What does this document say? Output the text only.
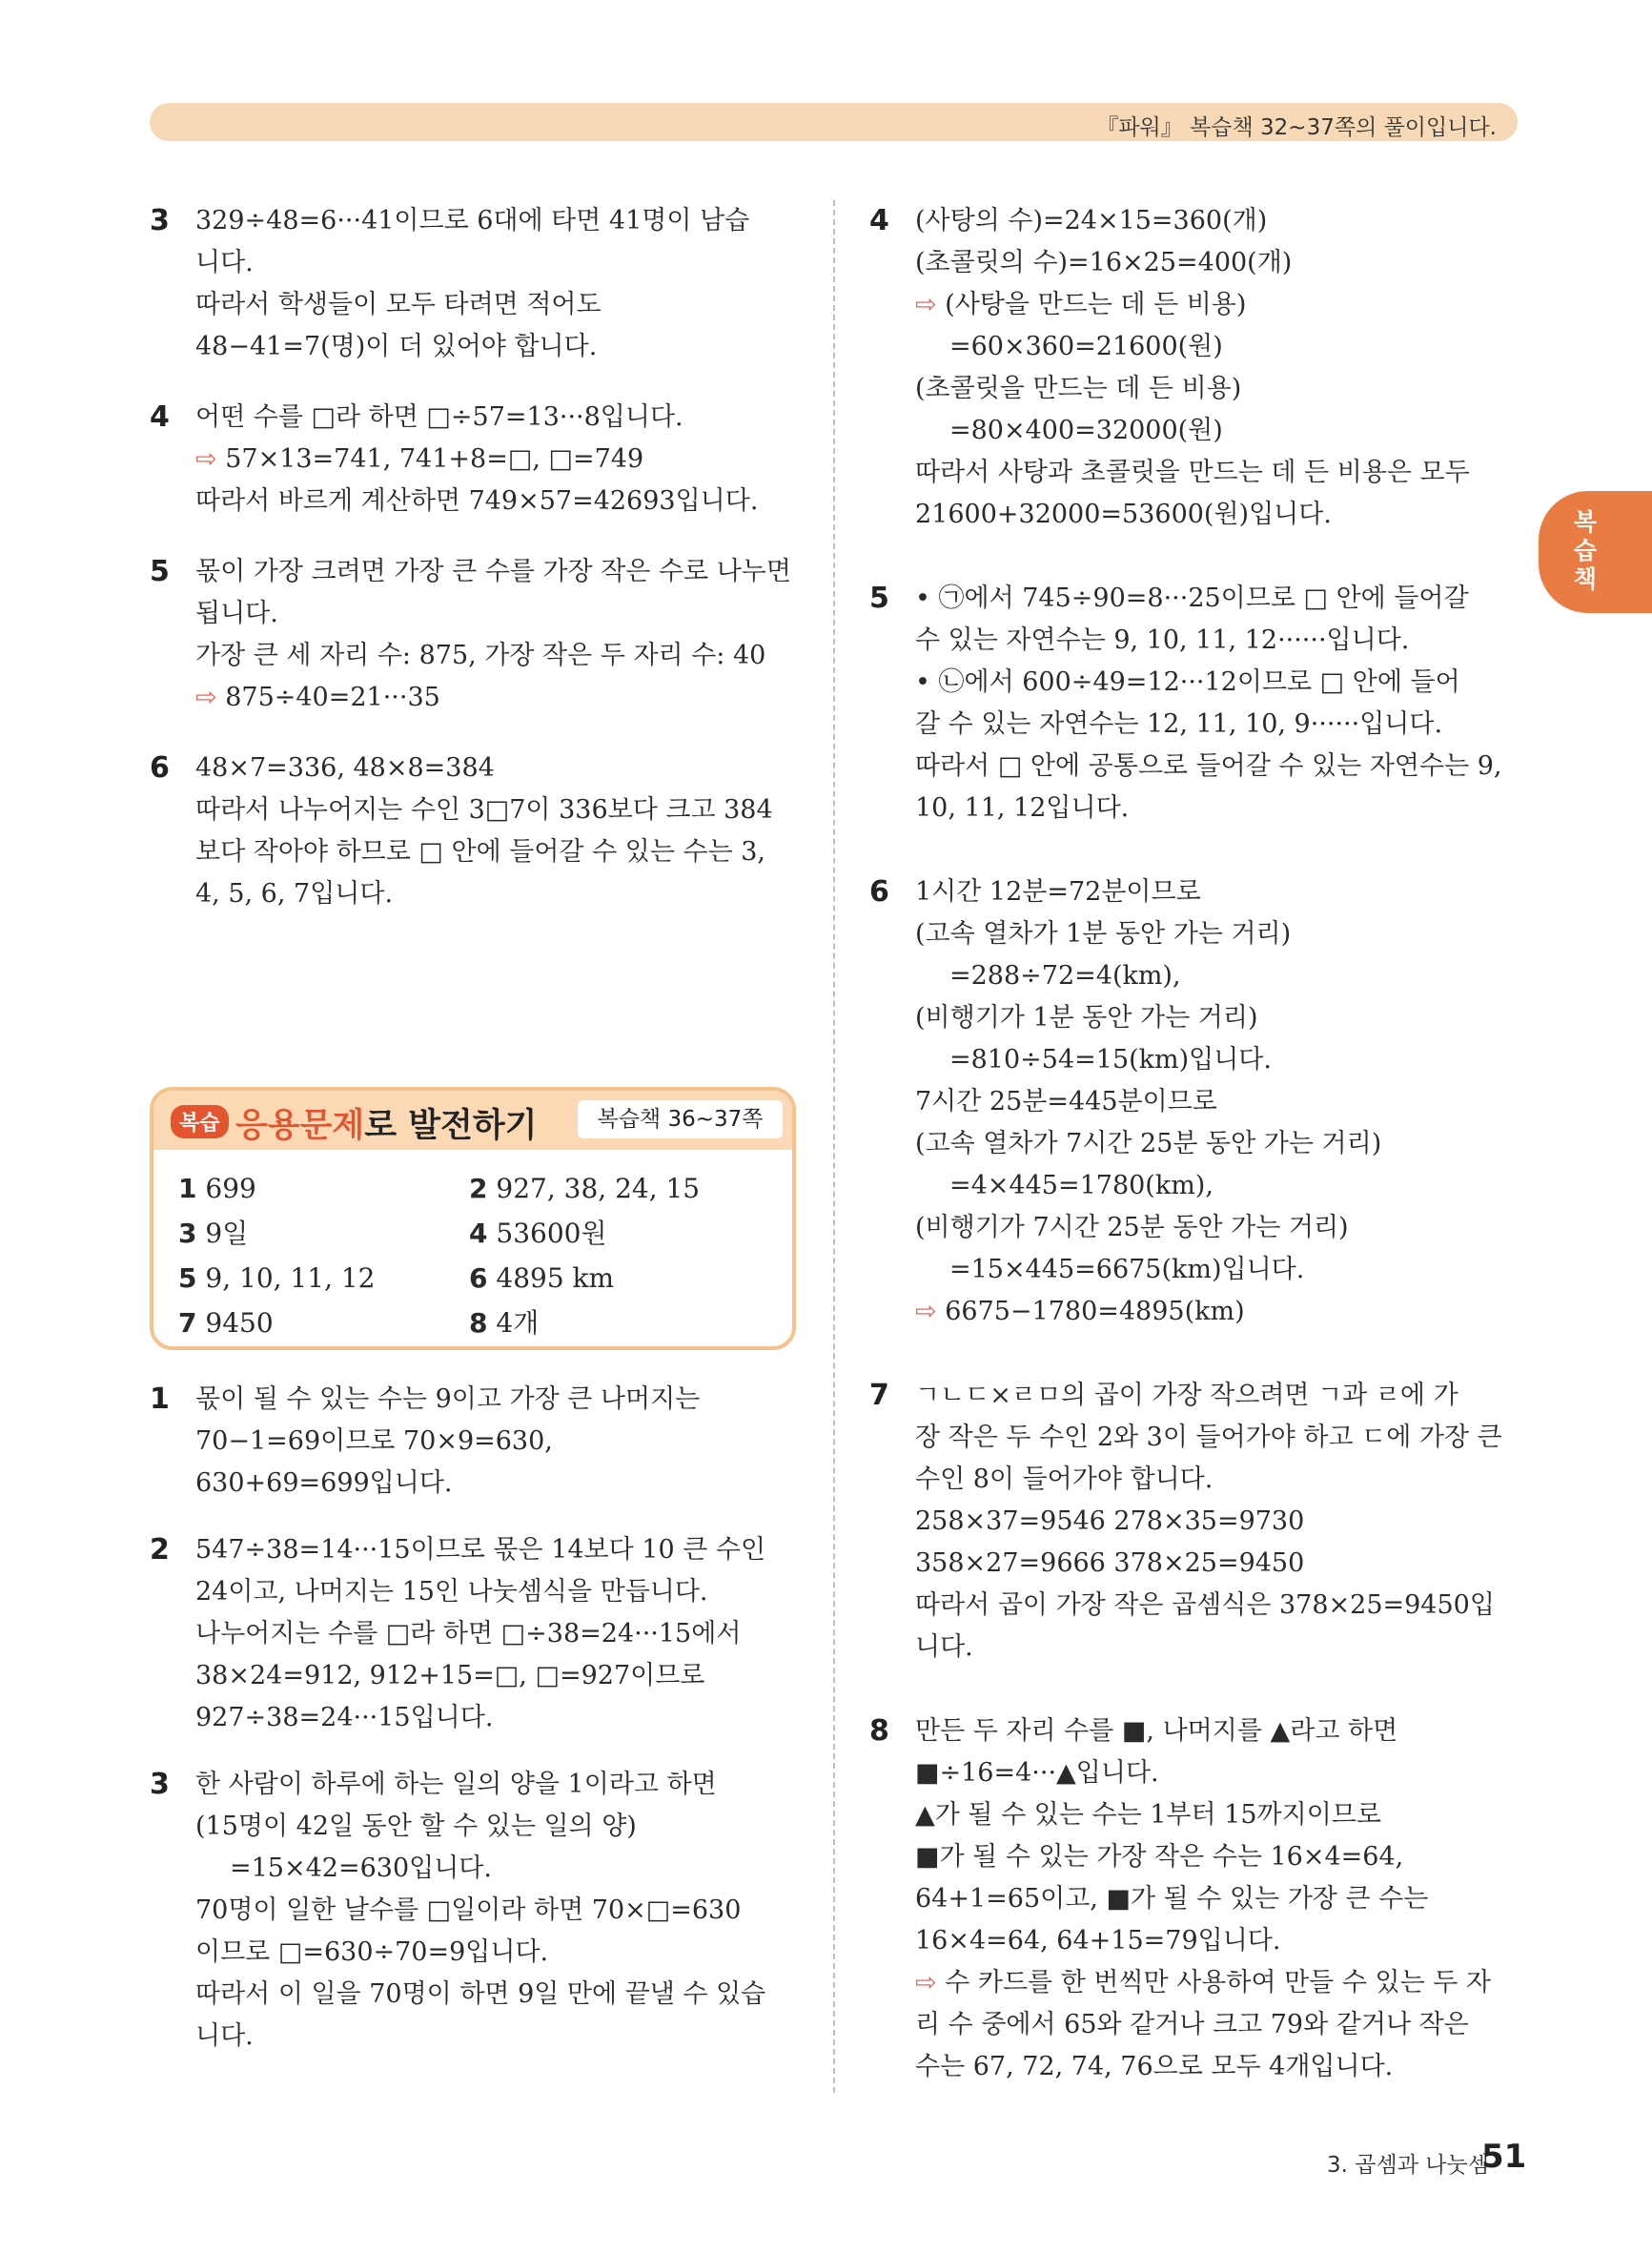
『파워』 복습책 32~37쪽의 풀이입니다.
복습책
3 329÷48=6···41이므로 6대에 타면 41명이 남습
니다.
따라서 학생들이 모두 타려면 적어도
48−41=7(명)이 더 있어야 합니다.
4 어떤 수를 □라 하면 □÷57=13···8입니다.
⇨ 57×13=741, 741+8=□, □=749
따라서 바르게 계산하면 749×57=42693입니다.
5 몫이 가장 크려면 가장 큰 수를 가장 작은 수로 나누면
됩니다.
가장 큰 세 자리 수: 875, 가장 작은 두 자리 수: 40
⇨ 875÷40=21···35
6 48×7=336, 48×8=384
따라서 나누어지는 수인 3□7이 336보다 크고 384
보다 작아야 하므로 □ 안에 들어갈 수 있는 수는 3,
4, 5, 6, 7입니다.
복습 응용문제로 발전하기	복습책 36~37쪽
1 699	2 927, 38, 24, 15
3 9일	4 53600원
5 9, 10, 11, 12	6 4895 km
7 9450	8 4개
1 몫이 될 수 있는 수는 9이고 가장 큰 나머지는
70−1=69이므로 70×9=630,
630+69=699입니다.
2 547÷38=14···15이므로 몫은 14보다 10 큰 수인
24이고, 나머지는 15인 나눗셈식을 만듭니다.
나누어지는 수를 □라 하면 □÷38=24···15에서
38×24=912, 912+15=□, □=927이므로
927÷38=24···15입니다.
3 한 사람이 하루에 하는 일의 양을 1이라고 하면
(15명이 42일 동안 할 수 있는 일의 양)
=15×42=630입니다.
70명이 일한 날수를 □일이라 하면 70×□=630
이므로 □=630÷70=9입니다.
따라서 이 일을 70명이 하면 9일 만에 끝낼 수 있습
니다.
4 (사탕의 수)=24×15=360(개)
(초콜릿의 수)=16×25=400(개)
⇨ (사탕을 만드는 데 든 비용)
=60×360=21600(원)
(초콜릿을 만드는 데 든 비용)
=80×400=32000(원)
따라서 사탕과 초콜릿을 만드는 데 든 비용은 모두
21600+32000=53600(원)입니다.
5 • ㉠에서 745÷90=8···25이므로 □ 안에 들어갈
수 있는 자연수는 9, 10, 11, 12······입니다.
• ㉡에서 600÷49=12···12이므로 □ 안에 들어
갈 수 있는 자연수는 12, 11, 10, 9······입니다.
따라서 □ 안에 공통으로 들어갈 수 있는 자연수는 9,
10, 11, 12입니다.
6 1시간 12분=72분이므로
(고속 열차가 1분 동안 가는 거리)
=288÷72=4(km),
(비행기가 1분 동안 가는 거리)
=810÷54=15(km)입니다.
7시간 25분=445분이므로
(고속 열차가 7시간 25분 동안 가는 거리)
=4×445=1780(km),
(비행기가 7시간 25분 동안 가는 거리)
=15×445=6675(km)입니다.
⇨ 6675−1780=4895(km)
7 ㄱㄴㄷ×ㄹㅁ의 곱이 가장 작으려면 ㄱ과 ㄹ에 가
장 작은 두 수인 2와 3이 들어가야 하고 ㄷ에 가장 큰
수인 8이 들어가야 합니다.
258×37=9546 278×35=9730
358×27=9666 378×25=9450
따라서 곱이 가장 작은 곱셈식은 378×25=9450입
니다.
8 만든 두 자리 수를 ■, 나머지를 ▲라고 하면
■÷16=4···▲입니다.
▲가 될 수 있는 수는 1부터 15까지이므로
■가 될 수 있는 가장 작은 수는 16×4=64,
64+1=65이고, ■가 될 수 있는 가장 큰 수는
16×4=64, 64+15=79입니다.
⇨ 수 카드를 한 번씩만 사용하여 만들 수 있는 두 자
리 수 중에서 65와 같거나 크고 79와 같거나 작은
수는 67, 72, 74, 76으로 모두 4개입니다.
3. 곱셈과 나눗셈
51
